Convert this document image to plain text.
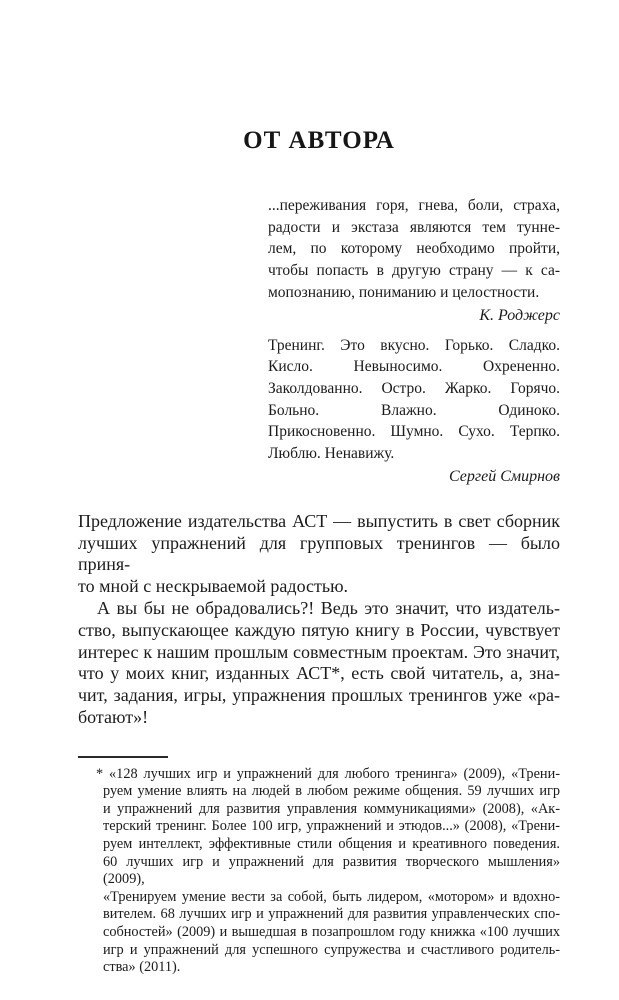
ОТ АВТОРА
...переживания горя, гнева, боли, страха,
радости и экстаза являются тем тунне-
лем, по которому необходимо пройти,
чтобы попасть в другую страну — к са-
мопознанию, пониманию и целостности.
К. Роджерс
Тренинг. Это вкусно. Горько. Сладко.
Кисло. Невыносимо. Охрененно.
Заколдованно. Остро. Жарко. Горячо.
Больно. Влажно. Одиноко.
Прикосновенно. Шумно. Сухо. Терпко.
Люблю. Ненавижу.
Сергей Смирнов
Предложение издательства АСТ — выпустить в свет сборник
лучших упражнений для групповых тренингов — было приня-
то мной с нескрываемой радостью.
А вы бы не обрадовались?! Ведь это значит, что издатель-
ство, выпускающее каждую пятую книгу в России, чувствует
интерес к нашим прошлым совместным проектам. Это значит,
что у моих книг, изданных АСТ*, есть свой читатель, а, зна-
чит, задания, игры, упражнения прошлых тренингов уже «ра-
ботают»!
* «128 лучших игр и упражнений для любого тренинга» (2009), «Трени-
руем умение влиять на людей в любом режиме общения. 59 лучших игр
и упражнений для развития управления коммуникациями» (2008), «Ак-
терский тренинг. Более 100 игр, упражнений и этюдов...» (2008), «Трени-
руем интеллект, эффективные стили общения и креативного поведения.
60 лучших игр и упражнений для развития творческого мышления» (2009),
«Тренируем умение вести за собой, быть лидером, «мотором» и вдохно-
вителем. 68 лучших игр и упражнений для развития управленческих спо-
собностей» (2009) и вышедшая в позапрошлом году книжка «100 лучших
игр и упражнений для успешного супружества и счастливого родитель-
ства» (2011).
